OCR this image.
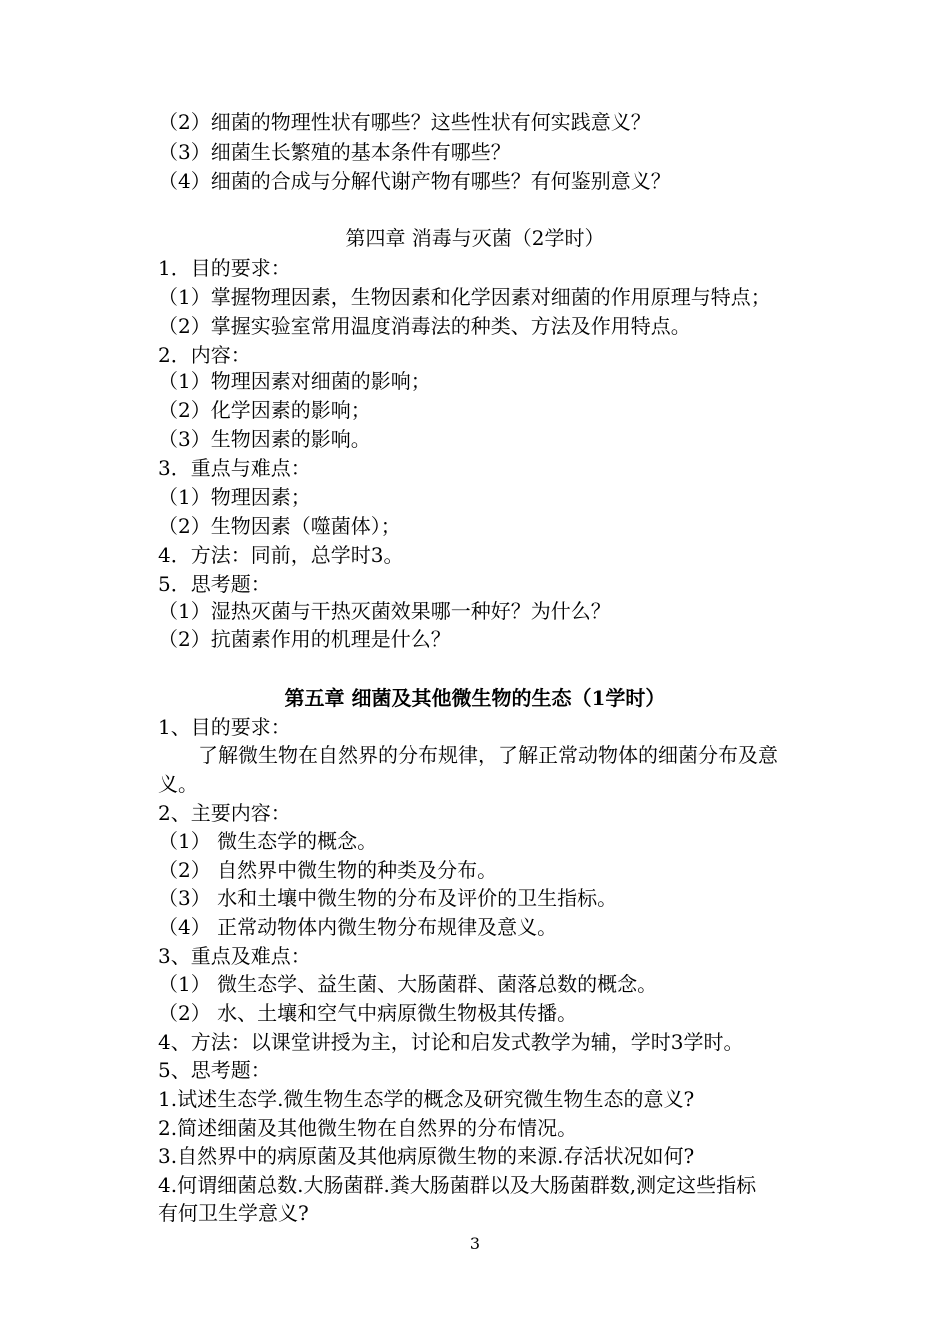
（2）细菌的物理性状有哪些？这些性状有何实践意义？
（3）细菌生长繁殖的基本条件有哪些？
（4）细菌的合成与分解代谢产物有哪些？有何鉴别意义？
第四章 消毒与灭菌（2学时）
1．目的要求：
（1）掌握物理因素，生物因素和化学因素对细菌的作用原理与特点；
（2）掌握实验室常用温度消毒法的种类、方法及作用特点。
2．内容：
（1）物理因素对细菌的影响；
（2）化学因素的影响；
（3）生物因素的影响。
3．重点与难点：
（1）物理因素；
（2）生物因素（噬菌体）；
4．方法：同前，总学时3。
5．思考题：
（1）湿热灭菌与干热灭菌效果哪一种好？为什么？
（2）抗菌素作用的机理是什么？
第五章 细菌及其他微生物的生态（1学时）
1、目的要求：
　　了解微生物在自然界的分布规律，了解正常动物体的细菌分布及意
义。
2、主要内容：
（1） 微生态学的概念。
（2） 自然界中微生物的种类及分布。
（3） 水和土壤中微生物的分布及评价的卫生指标。
（4） 正常动物体内微生物分布规律及意义。
3、重点及难点：
（1） 微生态学、益生菌、大肠菌群、菌落总数的概念。
（2） 水、土壤和空气中病原微生物极其传播。
4、方法：以课堂讲授为主，讨论和启发式教学为辅，学时3学时。
5、思考题：
1.试述生态学.微生物生态学的概念及研究微生物生态的意义?
2.简述细菌及其他微生物在自然界的分布情况。
3.自然界中的病原菌及其他病原微生物的来源.存活状况如何?
4.何谓细菌总数.大肠菌群.粪大肠菌群以及大肠菌群数,测定这些指标
有何卫生学意义?
3
